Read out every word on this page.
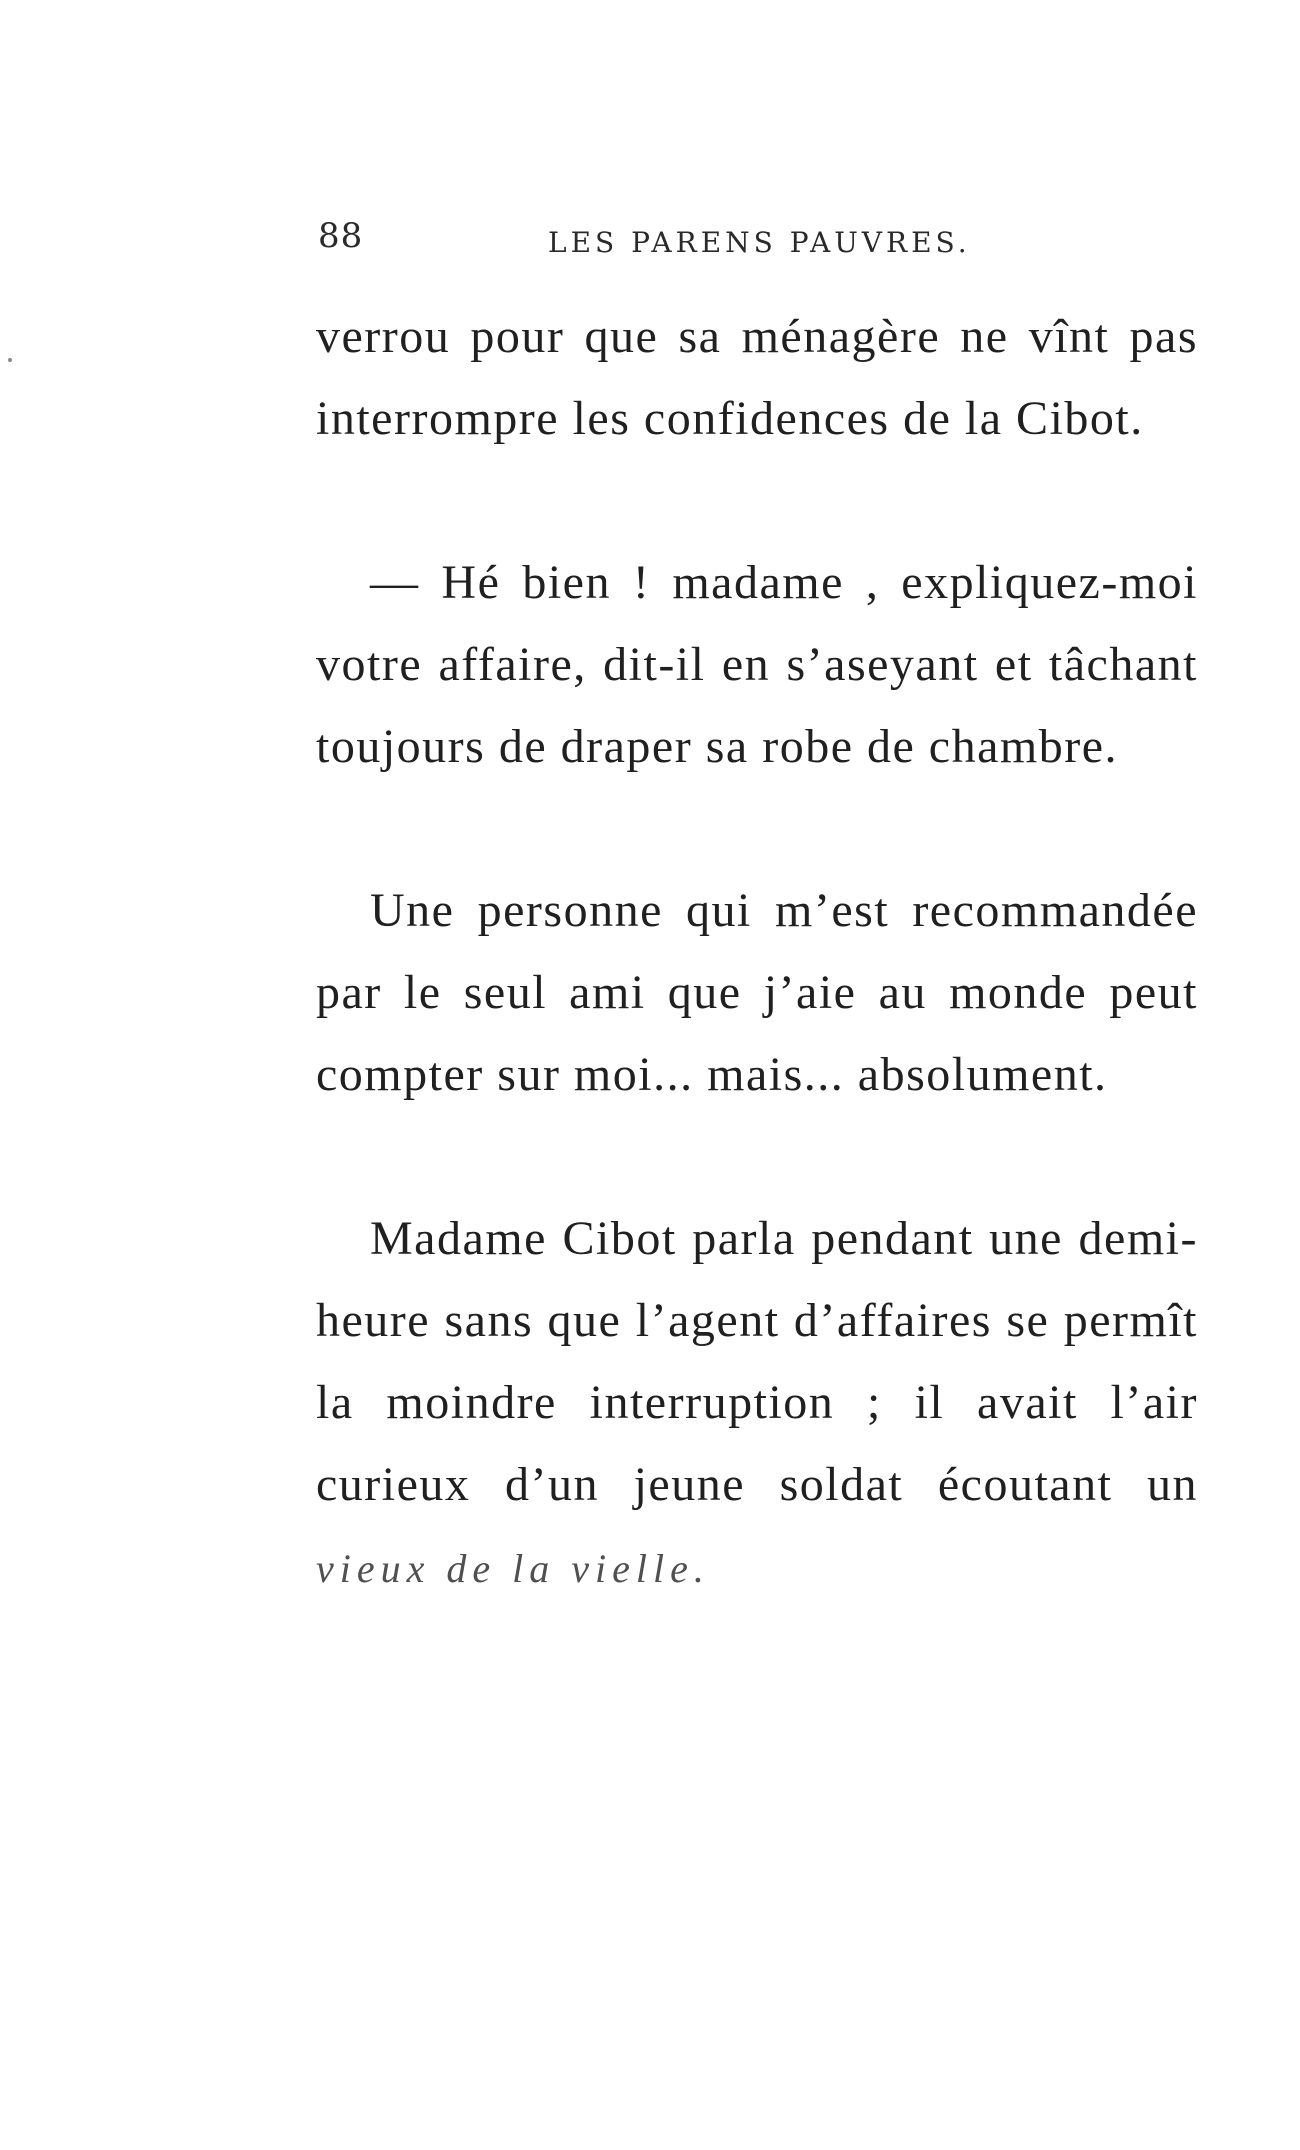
88	LES PARENS PAUVRES.

verrou pour que sa ménagère ne vînt pas interrompre les confidences de la Cibot.

— Hé bien ! madame , expliquez-moi votre affaire, dit-il en s’aseyant et tâchant toujours de draper sa robe de chambre.

Une personne qui m’est recommandée par le seul ami que j’aie au monde peut compter sur moi... mais... absolument.

Madame Cibot parla pendant une demi-heure sans que l’agent d’affaires se permît la moindre interruption ; il avait l’air curieux d’un jeune soldat écoutant un vieux de la vielle.
